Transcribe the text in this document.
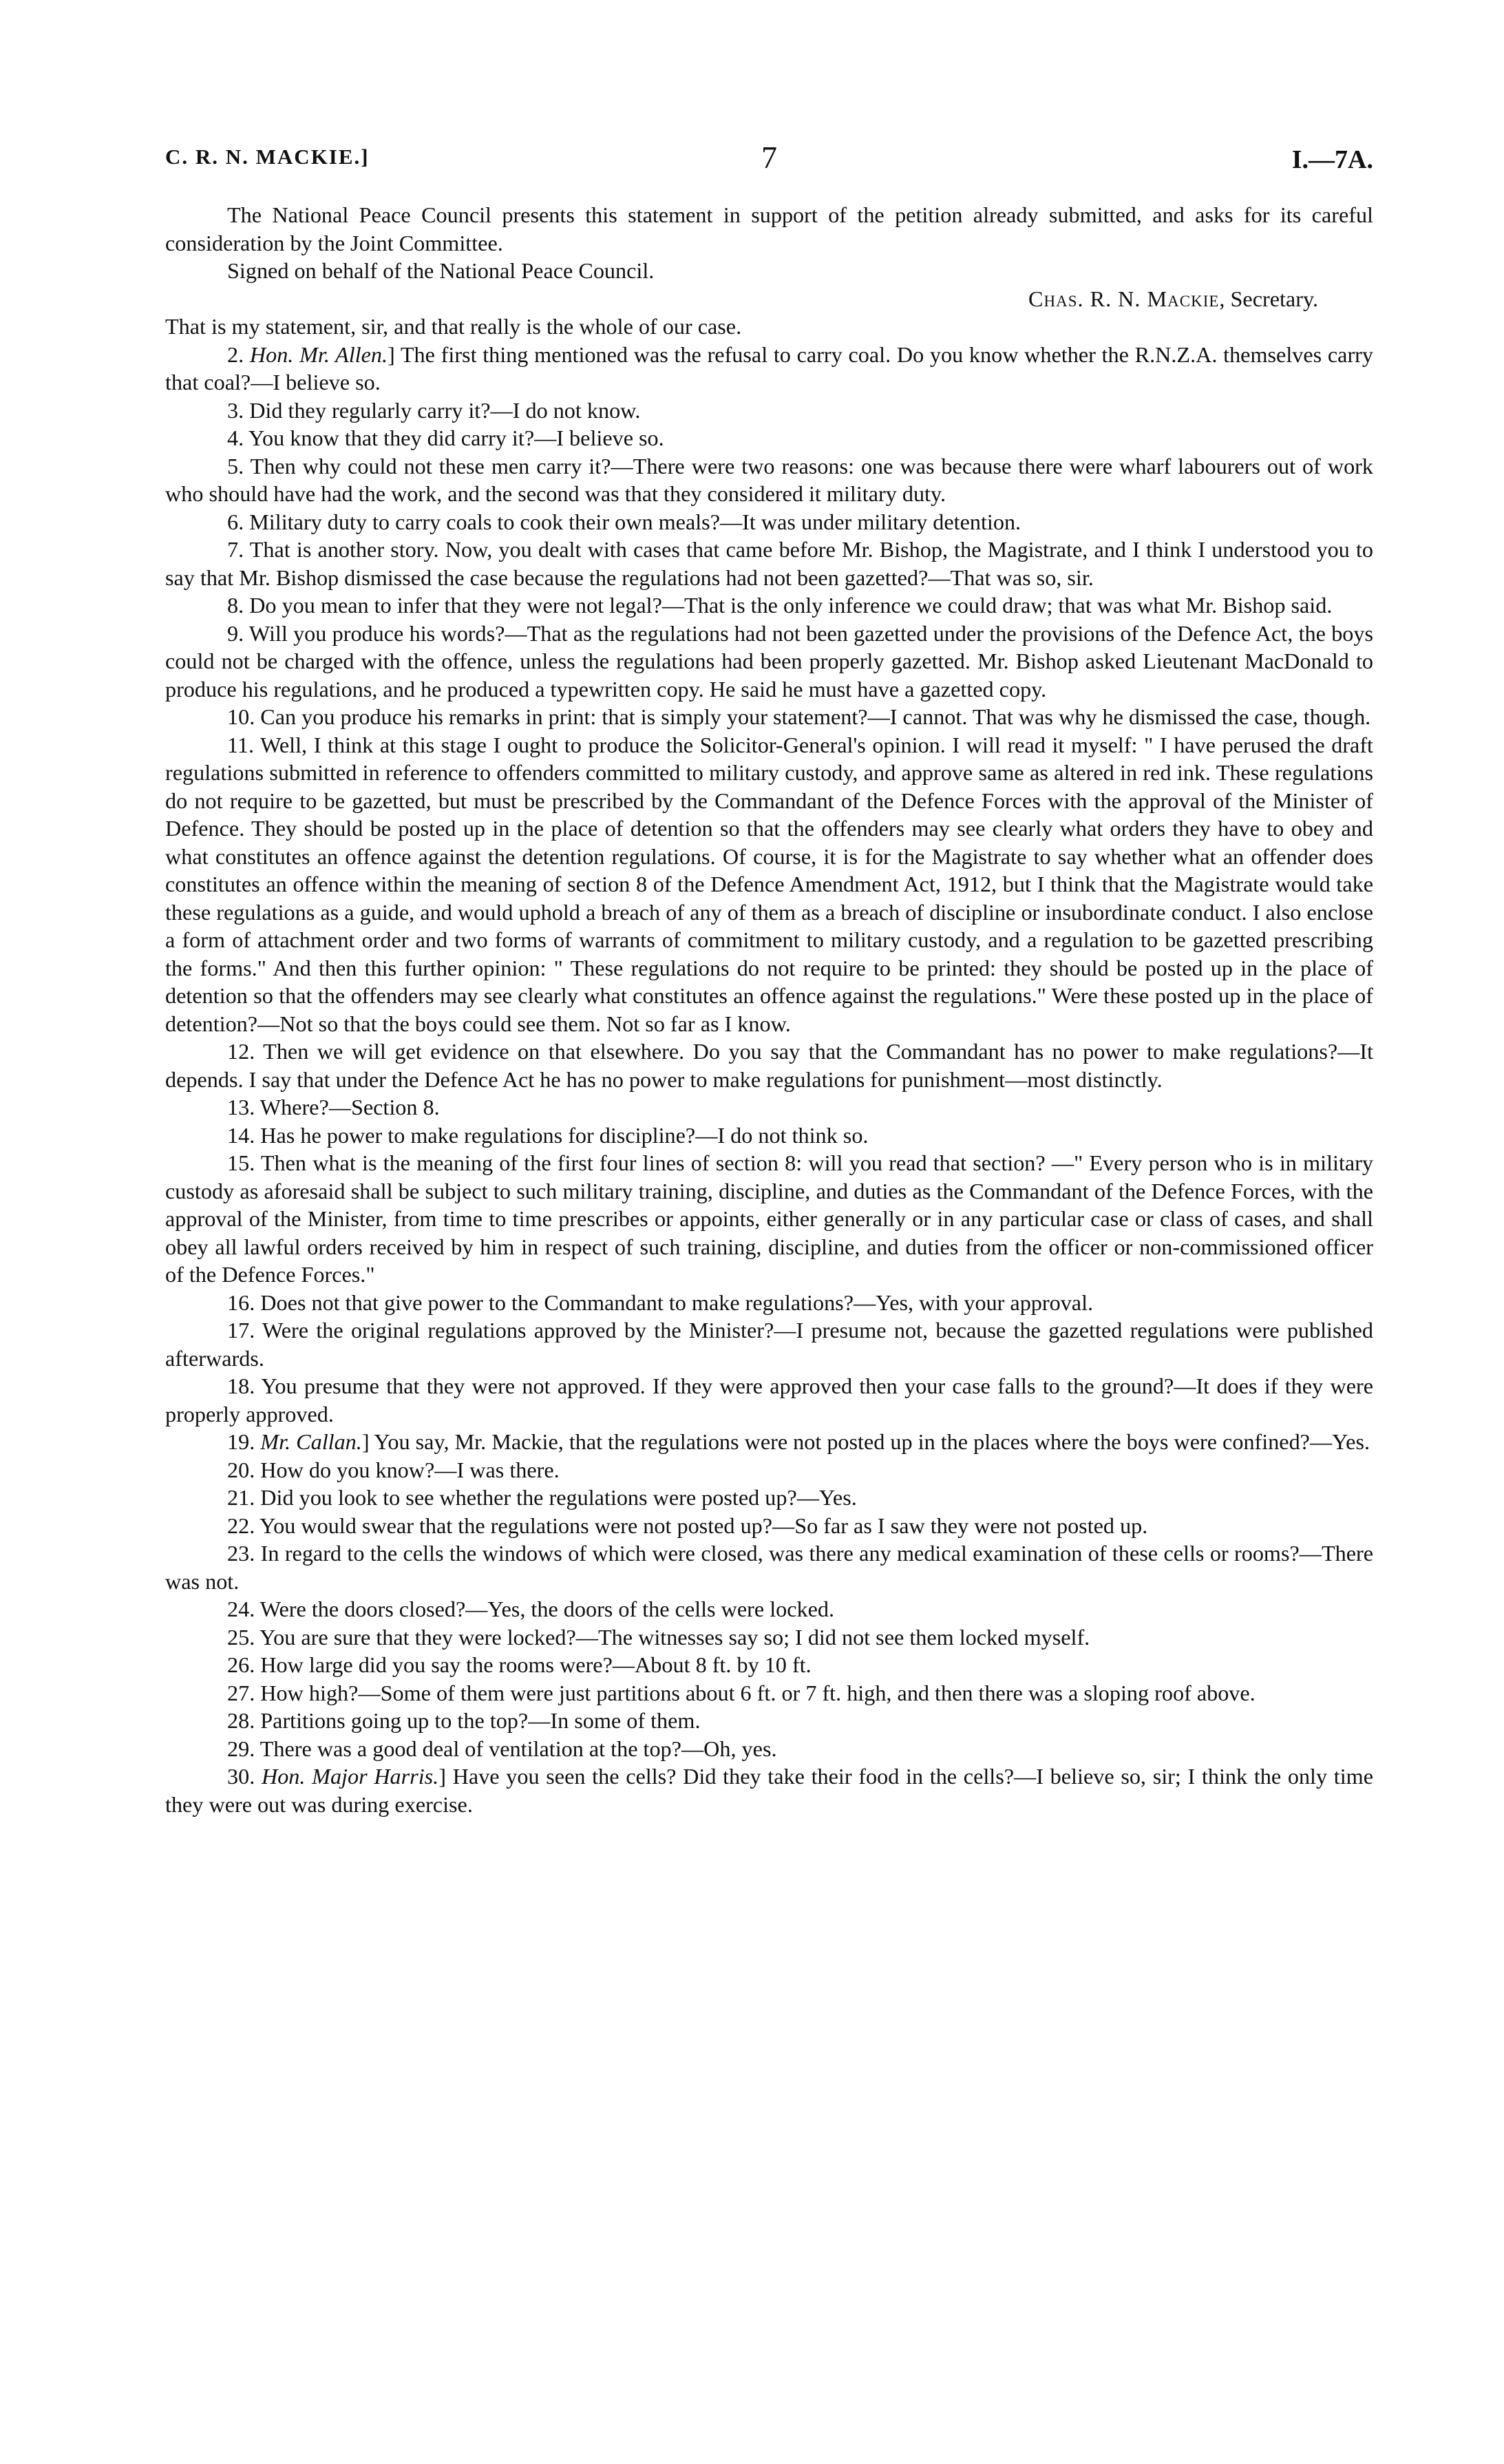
C. R. N. MACKIE.]	7	I.—7A.

The National Peace Council presents this statement in support of the petition already submitted, and asks for its careful consideration by the Joint Committee.

Signed on behalf of the National Peace Council.

Chas. R. N. Mackie, Secretary.

That is my statement, sir, and that really is the whole of our case.

2. Hon. Mr. Allen.] The first thing mentioned was the refusal to carry coal. Do you know whether the R.N.Z.A. themselves carry that coal?—I believe so.

3. Did they regularly carry it?—I do not know.

4. You know that they did carry it?—I believe so.

5. Then why could not these men carry it?—There were two reasons: one was because there were wharf labourers out of work who should have had the work, and the second was that they considered it military duty.

6. Military duty to carry coals to cook their own meals?—It was under military detention.

7. That is another story. Now, you dealt with cases that came before Mr. Bishop, the Magistrate, and I think I understood you to say that Mr. Bishop dismissed the case because the regulations had not been gazetted?—That was so, sir.

8. Do you mean to infer that they were not legal?—That is the only inference we could draw; that was what Mr. Bishop said.

9. Will you produce his words?—That as the regulations had not been gazetted under the provisions of the Defence Act, the boys could not be charged with the offence, unless the regulations had been properly gazetted. Mr. Bishop asked Lieutenant MacDonald to produce his regulations, and he produced a typewritten copy. He said he must have a gazetted copy.

10. Can you produce his remarks in print: that is simply your statement?—I cannot. That was why he dismissed the case, though.

11. Well, I think at this stage I ought to produce the Solicitor-General's opinion. I will read it myself: " I have perused the draft regulations submitted in reference to offenders committed to military custody, and approve same as altered in red ink. These regulations do not require to be gazetted, but must be prescribed by the Commandant of the Defence Forces with the approval of the Minister of Defence. They should be posted up in the place of detention so that the offenders may see clearly what orders they have to obey and what constitutes an offence against the detention regulations. Of course, it is for the Magistrate to say whether what an offender does constitutes an offence within the meaning of section 8 of the Defence Amendment Act, 1912, but I think that the Magistrate would take these regulations as a guide, and would uphold a breach of any of them as a breach of discipline or insubordinate conduct. I also enclose a form of attachment order and two forms of warrants of commitment to military custody, and a regulation to be gazetted prescribing the forms." And then this further opinion: " These regulations do not require to be printed: they should be posted up in the place of detention so that the offenders may see clearly what constitutes an offence against the regulations." Were these posted up in the place of detention?—Not so that the boys could see them. Not so far as I know.

12. Then we will get evidence on that elsewhere. Do you say that the Commandant has no power to make regulations?—It depends. I say that under the Defence Act he has no power to make regulations for punishment—most distinctly.

13. Where?—Section 8.

14. Has he power to make regulations for discipline?—I do not think so.

15. Then what is the meaning of the first four lines of section 8: will you read that section? —" Every person who is in military custody as aforesaid shall be subject to such military training, discipline, and duties as the Commandant of the Defence Forces, with the approval of the Minister, from time to time prescribes or appoints, either generally or in any particular case or class of cases, and shall obey all lawful orders received by him in respect of such training, discipline, and duties from the officer or non-commissioned officer of the Defence Forces."

16. Does not that give power to the Commandant to make regulations?—Yes, with your approval.

17. Were the original regulations approved by the Minister?—I presume not, because the gazetted regulations were published afterwards.

18. You presume that they were not approved. If they were approved then your case falls to the ground?—It does if they were properly approved.

19. Mr. Callan.] You say, Mr. Mackie, that the regulations were not posted up in the places where the boys were confined?—Yes.

20. How do you know?—I was there.

21. Did you look to see whether the regulations were posted up?—Yes.

22. You would swear that the regulations were not posted up?—So far as I saw they were not posted up.

23. In regard to the cells the windows of which were closed, was there any medical examination of these cells or rooms?—There was not.

24. Were the doors closed?—Yes, the doors of the cells were locked.

25. You are sure that they were locked?—The witnesses say so; I did not see them locked myself.

26. How large did you say the rooms were?—About 8 ft. by 10 ft.

27. How high?—Some of them were just partitions about 6 ft. or 7 ft. high, and then there was a sloping roof above.

28. Partitions going up to the top?—In some of them.

29. There was a good deal of ventilation at the top?—Oh, yes.

30. Hon. Major Harris.] Have you seen the cells? Did they take their food in the cells?—I believe so, sir; I think the only time they were out was during exercise.
